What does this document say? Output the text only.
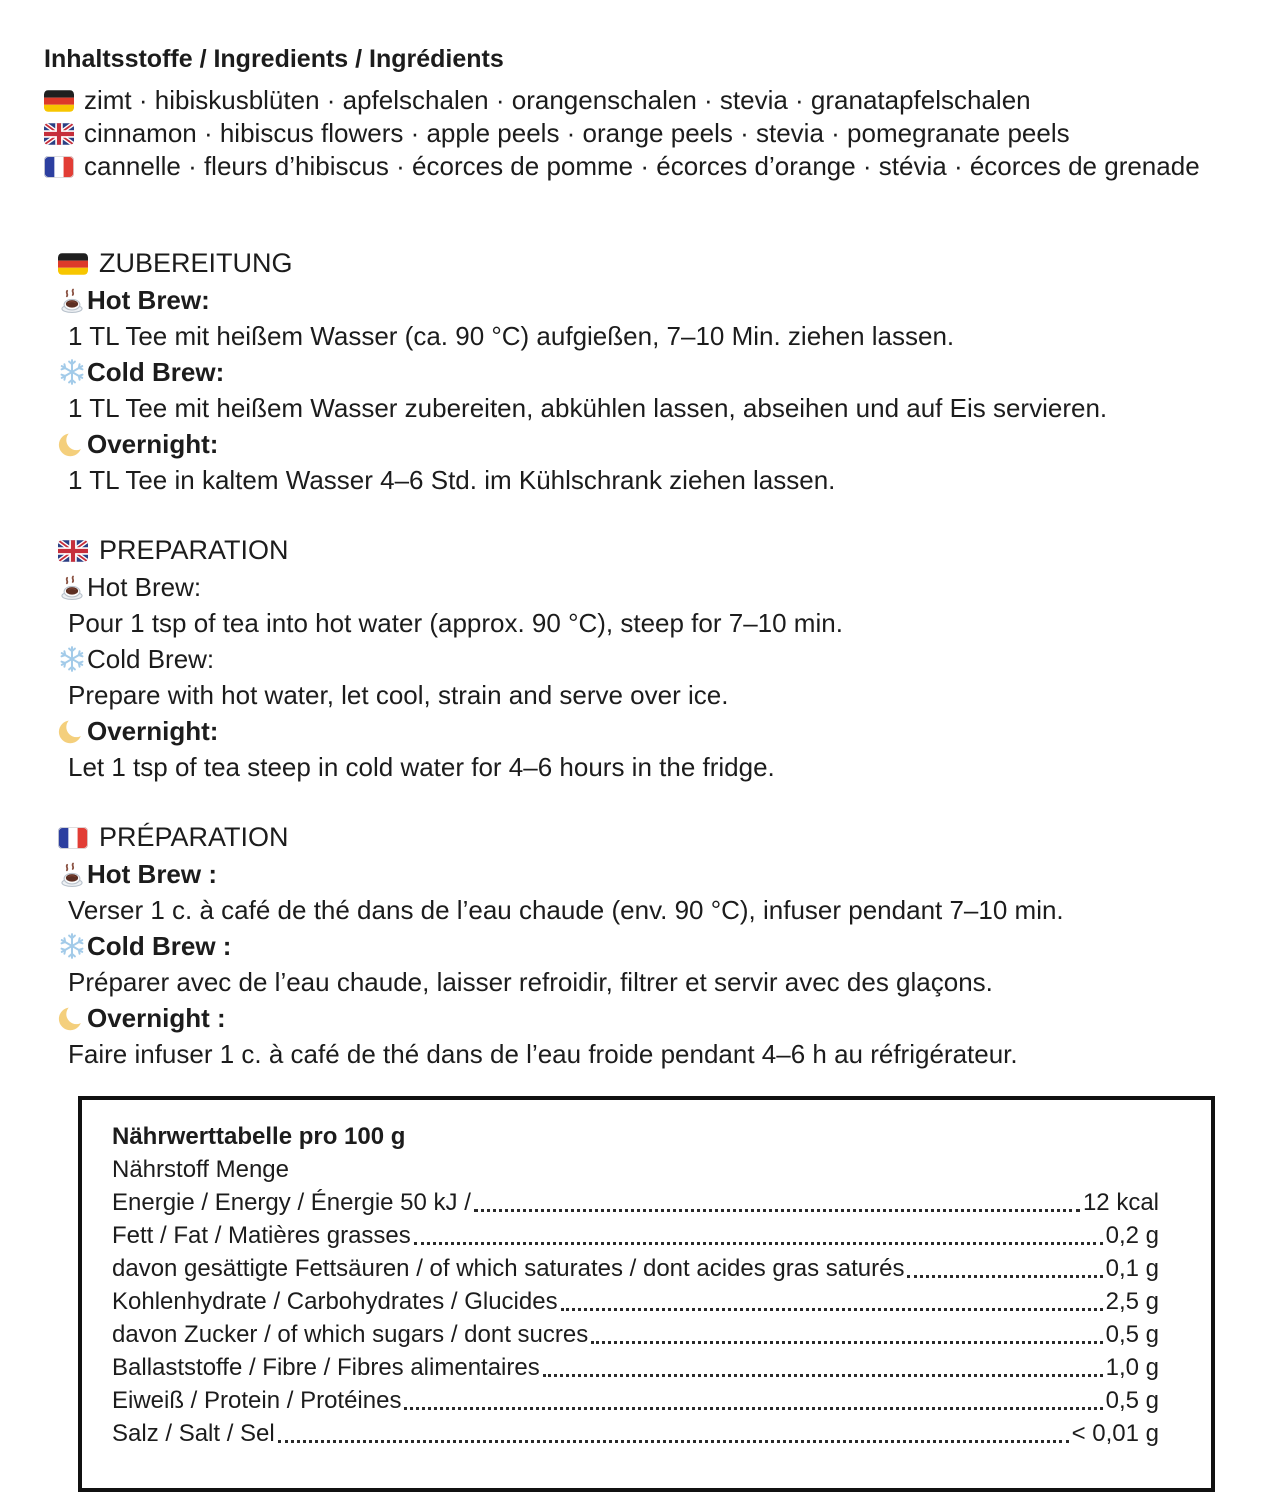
Inhaltsstoffe / Ingredients / Ingrédients
zimt · hibiskusblüten · apfelschalen · orangenschalen · stevia · granatapfelschalen
cinnamon · hibiscus flowers · apple peels · orange peels · stevia · pomegranate peels
cannelle · fleurs d’hibiscus · écorces de pomme · écorces d’orange · stévia · écorces de grenade
ZUBEREITUNG
Hot Brew:
1 TL Tee mit heißem Wasser (ca. 90 °C) aufgießen, 7–10 Min. ziehen lassen.
Cold Brew:
1 TL Tee mit heißem Wasser zubereiten, abkühlen lassen, abseihen und auf Eis servieren.
Overnight:
1 TL Tee in kaltem Wasser 4–6 Std. im Kühlschrank ziehen lassen.
PREPARATION
Hot Brew:
Pour 1 tsp of tea into hot water (approx. 90 °C), steep for 7–10 min.
Cold Brew:
Prepare with hot water, let cool, strain and serve over ice.
Overnight:
Let 1 tsp of tea steep in cold water for 4–6 hours in the fridge.
PRÉPARATION
Hot Brew :
Verser 1 c. à café de thé dans de l’eau chaude (env. 90 °C), infuser pendant 7–10 min.
Cold Brew :
Préparer avec de l’eau chaude, laisser refroidir, filtrer et servir avec des glaçons.
Overnight :
Faire infuser 1 c. à café de thé dans de l’eau froide pendant 4–6 h au réfrigérateur.
Nährwerttabelle pro 100 g
Nährstoff Menge
Energie / Energy / Énergie 50 kJ /	12 kcal
Fett / Fat / Matières grasses	0,2 g
davon gesättigte Fettsäuren / of which saturates / dont acides gras saturés	0,1 g
Kohlenhydrate / Carbohydrates / Glucides	2,5 g
davon Zucker / of which sugars / dont sucres	0,5 g
Ballaststoffe / Fibre / Fibres alimentaires	1,0 g
Eiweiß / Protein / Protéines	0,5 g
Salz / Salt / Sel	< 0,01 g
